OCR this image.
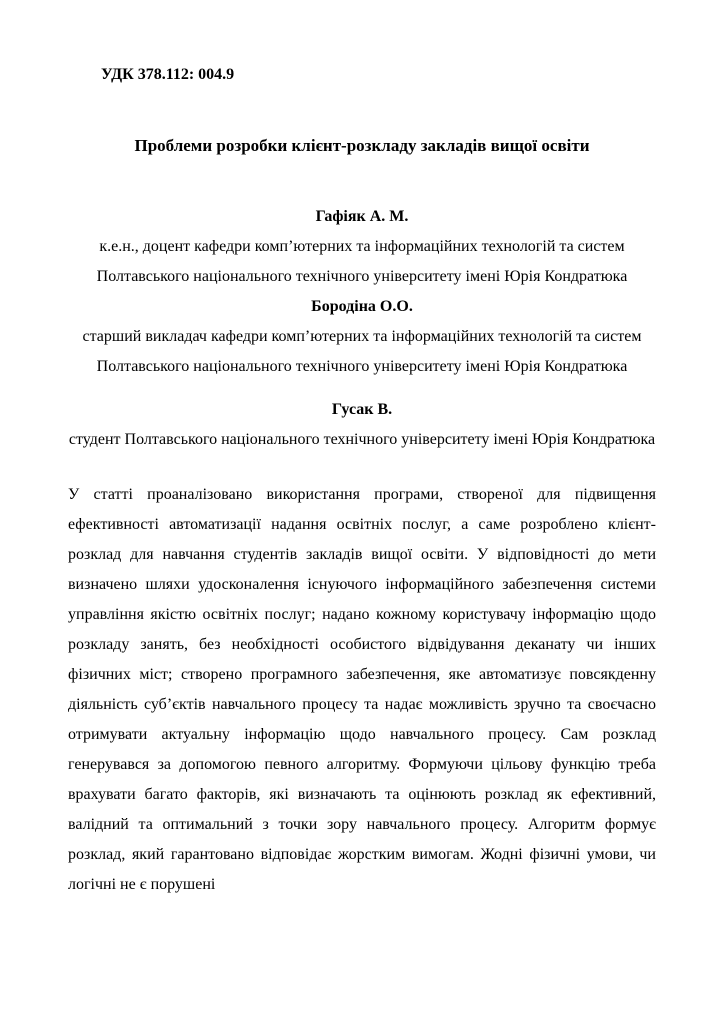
УДК 378.112: 004.9

Проблеми розробки клієнт-розкладу закладів вищої освіти

Гафіяк А. М.

к.е.н., доцент кафедри комп’ютерних та інформаційних технологій та систем Полтавського національного технічного університету імені Юрія Кондратюка

Бородіна О.О.

старший викладач кафедри комп’ютерних та інформаційних технологій та систем Полтавського національного технічного університету імені Юрія Кондратюка

Гусак В.

студент Полтавського національного технічного університету імені Юрія Кондратюка

У статті проаналізовано використання програми, створеної для підвищення ефективності автоматизації надання освітніх послуг, а саме розроблено клієнт-розклад для навчання студентів закладів вищої освіти. У відповідності до мети визначено шляхи удосконалення існуючого інформаційного забезпечення системи управління якістю освітніх послуг; надано кожному користувачу інформацію щодо розкладу занять, без необхідності особистого відвідування деканату чи інших фізичних міст; створено програмного забезпечення, яке автоматизує повсякденну діяльність суб’єктів навчального процесу та надає можливість зручно та своєчасно отримувати актуальну інформацію щодо навчального процесу. Сам розклад генерувався за допомогою певного алгоритму. Формуючи цільову функцію треба врахувати багато факторів, які визначають та оцінюють розклад як ефективний, валідний та оптимальний з точки зору навчального процесу. Алгоритм формує розклад, який гарантовано відповідає жорстким вимогам. Жодні фізичні умови, чи логічні не є порушені
